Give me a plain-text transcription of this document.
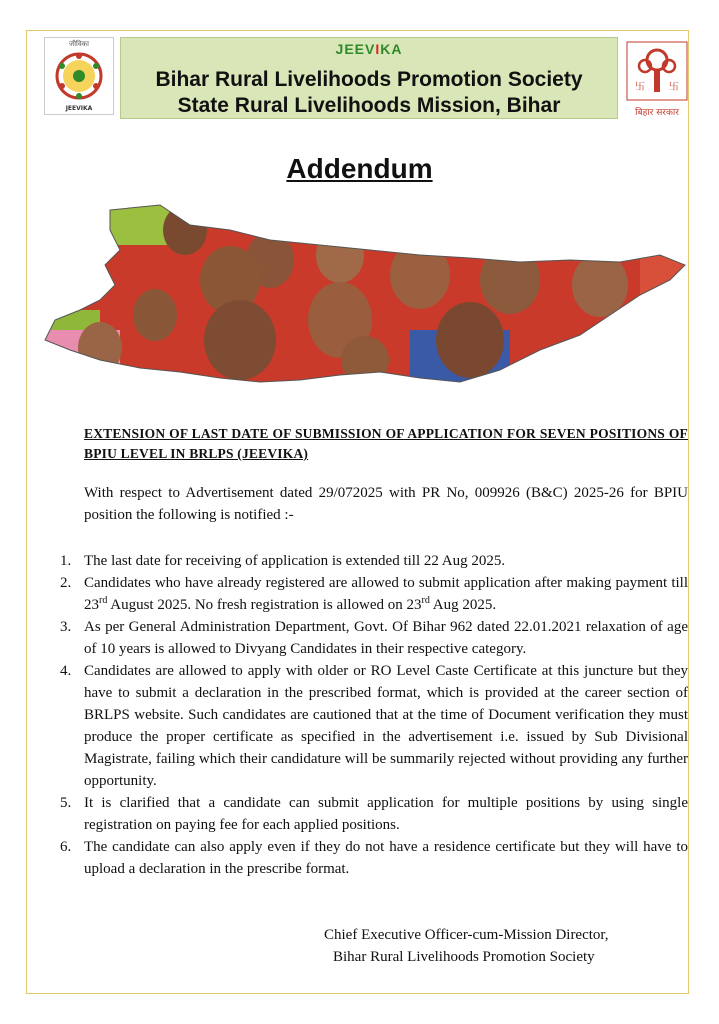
जीविका
JEEVIKA
JEEVIKA
Bihar Rural Livelihoods Promotion Society
State Rural Livelihoods Mission, Bihar
卐 卐
बिहार सरकार
Addendum
EXTENSION OF LAST DATE OF SUBMISSION OF APPLICATION FOR SEVEN POSITIONS OF BPIU LEVEL IN BRLPS (JEEVIKA)
With respect to Advertisement dated 29/072025 with PR No, 009926 (B&C) 2025-26 for BPIU position the following is notified :-
1. The last date for receiving of application is extended till 22 Aug 2025.
2. Candidates who have already registered are allowed to submit application after making payment till 23rd August 2025. No fresh registration is allowed on 23rd Aug 2025.
3. As per General Administration Department, Govt. Of Bihar 962 dated 22.01.2021 relaxation of age of 10 years is allowed to Divyang Candidates in their respective category.
4. Candidates are allowed to apply with older or RO Level Caste Certificate at this juncture but they have to submit a declaration in the prescribed format, which is provided at the career section of BRLPS website. Such candidates are cautioned that at the time of Document verification they must produce the proper certificate as specified in the advertisement i.e. issued by Sub Divisional Magistrate, failing which their candidature will be summarily rejected without providing any further opportunity.
5. It is clarified that a candidate can submit application for multiple positions by using single registration on paying fee for each applied positions.
6. The candidate can also apply even if they do not have a residence certificate but they will have to upload a declaration in the prescribe format.
Chief Executive Officer-cum-Mission Director,
Bihar Rural Livelihoods Promotion Society
